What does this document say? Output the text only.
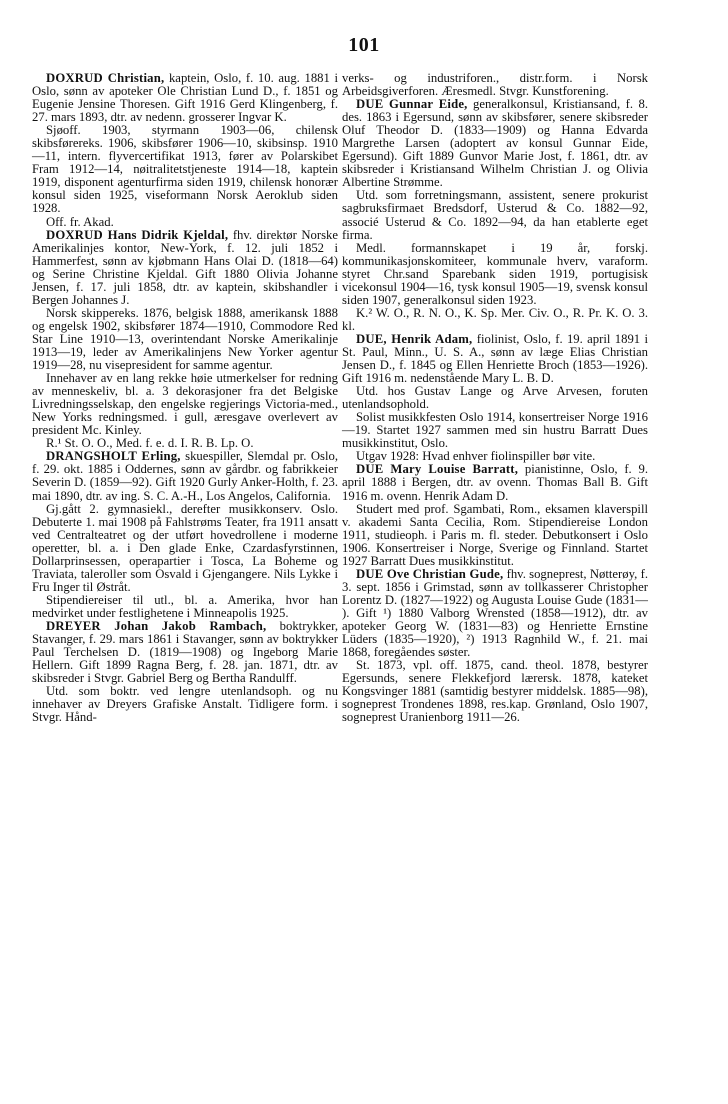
101

DOXRUD Christian, kaptein, Oslo, f. 10. aug. 1881 i Oslo, sønn av apoteker Ole Christian Lund D., f. 1851 og Eugenie Jensine Thoresen. Gift 1916 Gerd Klingenberg, f. 27. mars 1893, dtr. av nedenn. grosserer Ingvar K.

Sjøoff. 1903, styrmann 1903—06, chilensk skibsførereks. 1906, skibsfører 1906—10, skibsinsp. 1910—11, intern. flyvercertifikat 1913, fører av Polarskibet Fram 1912—14, nøitralitetstjeneste 1914—18, kaptein 1919, disponent agenturfirma siden 1919, chilensk honorær konsul siden 1925, viseformann Norsk Aeroklub siden 1928.

Off. fr. Akad.

DOXRUD Hans Didrik Kjeldal, fhv. direktør Norske Amerikalinjes kontor, New-York, f. 12. juli 1852 i Hammerfest, sønn av kjøbmann Hans Olai D. (1818—64) og Serine Christine Kjeldal. Gift 1880 Olivia Johanne Jensen, f. 17. juli 1858, dtr. av kaptein, skibshandler i Bergen Johannes J.

Norsk skippereks. 1876, belgisk 1888, amerikansk 1888 og engelsk 1902, skibsfører 1874—1910, Commodore Red Star Line 1910—13, overintendant Norske Amerikalinje 1913—19, leder av Amerikalinjens New Yorker agentur 1919—28, nu visepresident for samme agentur.

Innehaver av en lang rekke høie utmerkelser for redning av menneskeliv, bl. a. 3 dekorasjoner fra det Belgiske Livredningsselskap, den engelske regjerings Victoria-med., New Yorks redningsmed. i gull, æresgave overlevert av president Mc. Kinley.

R.¹ St. O. O., Med. f. e. d. I. R. B. Lp. O.

DRANGSHOLT Erling, skuespiller, Slemdal pr. Oslo, f. 29. okt. 1885 i Oddernes, sønn av gårdbr. og fabrikkeier Severin D. (1859—92). Gift 1920 Gurly Anker-Holth, f. 23. mai 1890, dtr. av ing. S. C. A.-H., Los Angelos, California.

Gj.gått 2. gymnasiekl., derefter musikkonserv. Oslo. Debuterte 1. mai 1908 på Fahlstrøms Teater, fra 1911 ansatt ved Centralteatret og der utført hovedrollene i moderne operetter, bl. a. i Den glade Enke, Czardasfyrstinnen, Dollarprinsessen, operapartier i Tosca, La Boheme og Traviata, taleroller som Osvald i Gjengangere. Nils Lykke i Fru Inger til Østråt.

Stipendiereiser til utl., bl. a. Amerika, hvor han medvirket under festlighetene i Minneapolis 1925.

DREYER Johan Jakob Rambach, boktrykker, Stavanger, f. 29. mars 1861 i Stavanger, sønn av boktrykker Paul Terchelsen D. (1819—1908) og Ingeborg Marie Hellern. Gift 1899 Ragna Berg, f. 28. jan. 1871, dtr. av skibsreder i Stvgr. Gabriel Berg og Bertha Randulff.

Utd. som boktr. ved lengre utenlandsoph. og nu innehaver av Dreyers Grafiske Anstalt. Tidligere form. i Stvgr. Hånd-

verks- og industriforen., distr.form. i Norsk Arbeidsgiverforen. Æresmedl. Stvgr. Kunstforening.

DUE Gunnar Eide, generalkonsul, Kristiansand, f. 8. des. 1863 i Egersund, sønn av skibsfører, senere skibsreder Oluf Theodor D. (1833—1909) og Hanna Edvarda Margrethe Larsen (adoptert av konsul Gunnar Eide, Egersund). Gift 1889 Gunvor Marie Jost, f. 1861, dtr. av skibsreder i Kristiansand Wilhelm Christian J. og Olivia Albertine Strømme.

Utd. som forretningsmann, assistent, senere prokurist sagbruksfirmaet Bredsdorf, Usterud & Co. 1882—92, associé Usterud & Co. 1892—94, da han etablerte eget firma.

Medl. formannskapet i 19 år, forskj. kommunikasjonskomiteer, kommunale hverv, varaform. styret Chr.sand Sparebank siden 1919, portugisisk vicekonsul 1904—16, tysk konsul 1905—19, svensk konsul siden 1907, generalkonsul siden 1923.

K.² W. O., R. N. O., K. Sp. Mer. Civ. O., R. Pr. K. O. 3. kl.

DUE, Henrik Adam, fiolinist, Oslo, f. 19. april 1891 i St. Paul, Minn., U. S. A., sønn av læge Elias Christian Jensen D., f. 1845 og Ellen Henriette Broch (1853—1926). Gift 1916 m. nedenstående Mary L. B. D.

Utd. hos Gustav Lange og Arve Arvesen, foruten utenlandsophold.

Solist musikkfesten Oslo 1914, konsertreiser Norge 1916—19. Startet 1927 sammen med sin hustru Barratt Dues musikkinstitut, Oslo.

Utgav 1928: Hvad enhver fiolinspiller bør vite.

DUE Mary Louise Barratt, pianistinne, Oslo, f. 9. april 1888 i Bergen, dtr. av ovenn. Thomas Ball B. Gift 1916 m. ovenn. Henrik Adam D.

Studert med prof. Sgambati, Rom., eksamen klaverspill v. akademi Santa Cecilia, Rom. Stipendiereise London 1911, studieoph. i Paris m. fl. steder. Debutkonsert i Oslo 1906. Konsertreiser i Norge, Sverige og Finnland. Startet 1927 Barratt Dues musikkinstitut.

DUE Ove Christian Gude, fhv. sogneprest, Nøtterøy, f. 3. sept. 1856 i Grimstad, sønn av tollkasserer Christopher Lorentz D. (1827—1922) og Augusta Louise Gude (1831— ). Gift ¹) 1880 Valborg Wrensted (1858—1912), dtr. av apoteker Georg W. (1831—83) og Henriette Ernstine Lüders (1835—1920), ²) 1913 Ragnhild W., f. 21. mai 1868, foregåendes søster.

St. 1873, vpl. off. 1875, cand. theol. 1878, bestyrer Egersunds, senere Flekkefjord lærersk. 1878, kateket Kongsvinger 1881 (samtidig bestyrer middelsk. 1885—98), sogneprest Trondenes 1898, res.kap. Grønland, Oslo 1907, sogneprest Uranienborg 1911—26.
